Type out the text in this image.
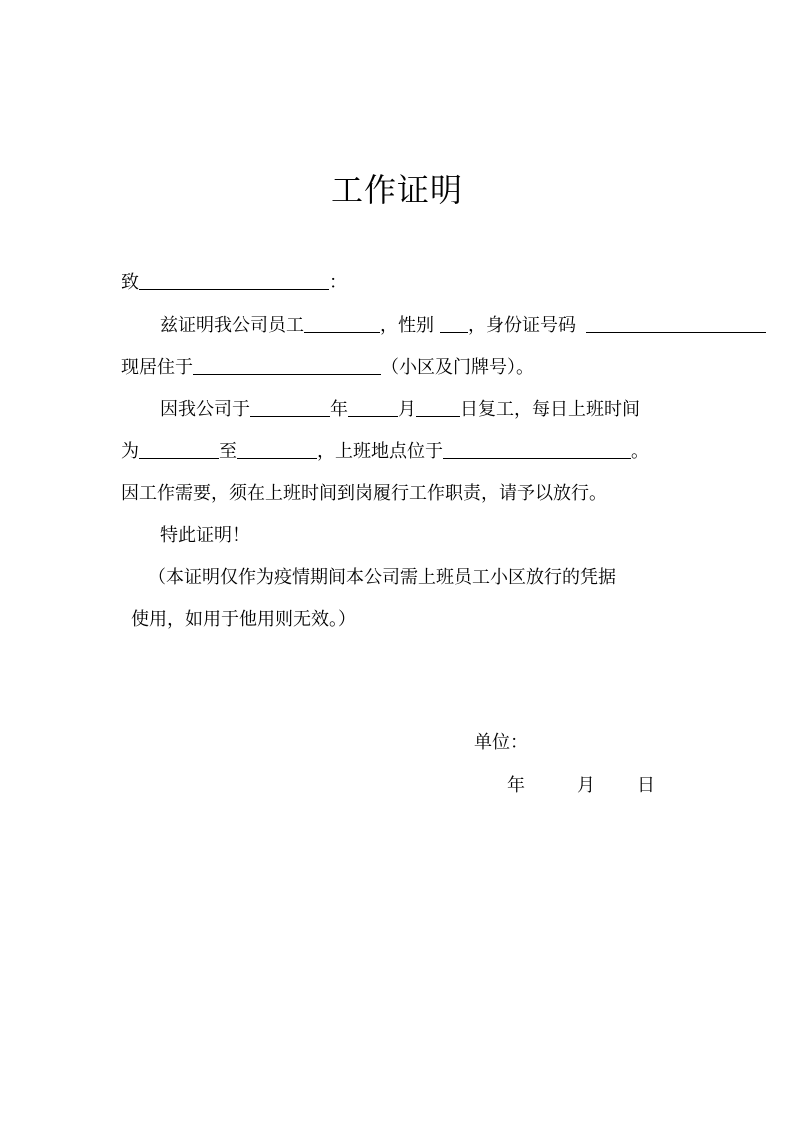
工作证明
致	：
兹证明我公司员工	，性别 ，身份证号码
现居住于	（小区及门牌号）。
因我公司于	年	月 日复工，每日上班时间
为	至	，上班地点位于	。
因工作需要，须在上班时间到岗履行工作职责，请予以放行。
特此证明！
（本证明仅作为疫情期间本公司需上班员工小区放行的凭据
使用，如用于他用则无效。）
单位：
年	月 日
